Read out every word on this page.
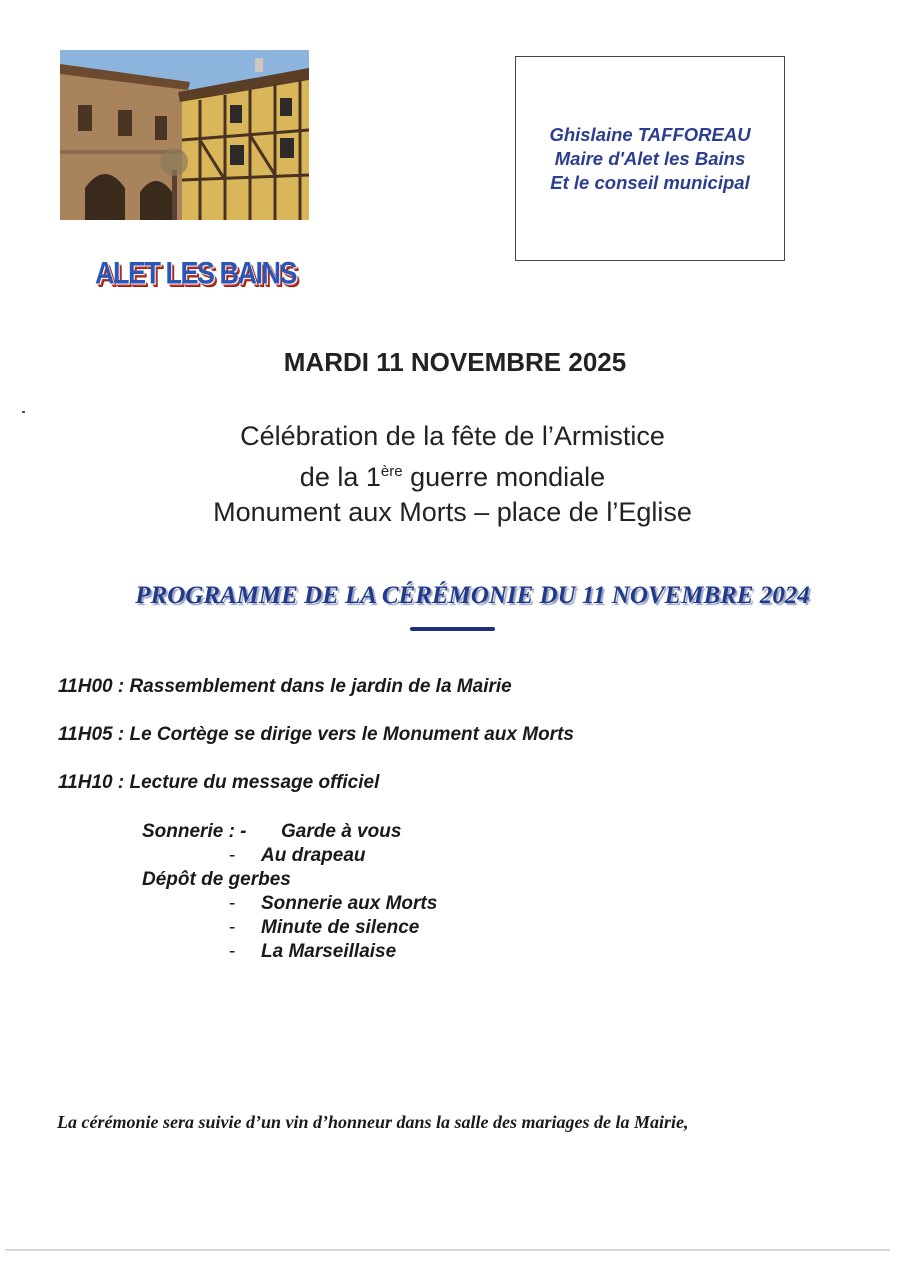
ALET LES BAINS
Ghislaine TAFFOREAU
Maire d'Alet les Bains
Et le conseil municipal
MARDI 11 NOVEMBRE 2025
Célébration de la fête de l’Armistice
de la 1ère guerre mondiale
Monument aux Morts – place de l’Eglise
PROGRAMME DE LA CÉRÉMONIE DU 11 NOVEMBRE 2024
11H00 : Rassemblement dans le jardin de la Mairie
11H05 : Le Cortège se dirige vers le Monument aux Morts
11H10 : Lecture du message officiel
Sonnerie : - Garde à vous
- Au drapeau
Dépôt de gerbes
- Sonnerie aux Morts
- Minute de silence
- La Marseillaise
La cérémonie sera suivie d’un vin d’honneur dans la salle des mariages de la Mairie,
